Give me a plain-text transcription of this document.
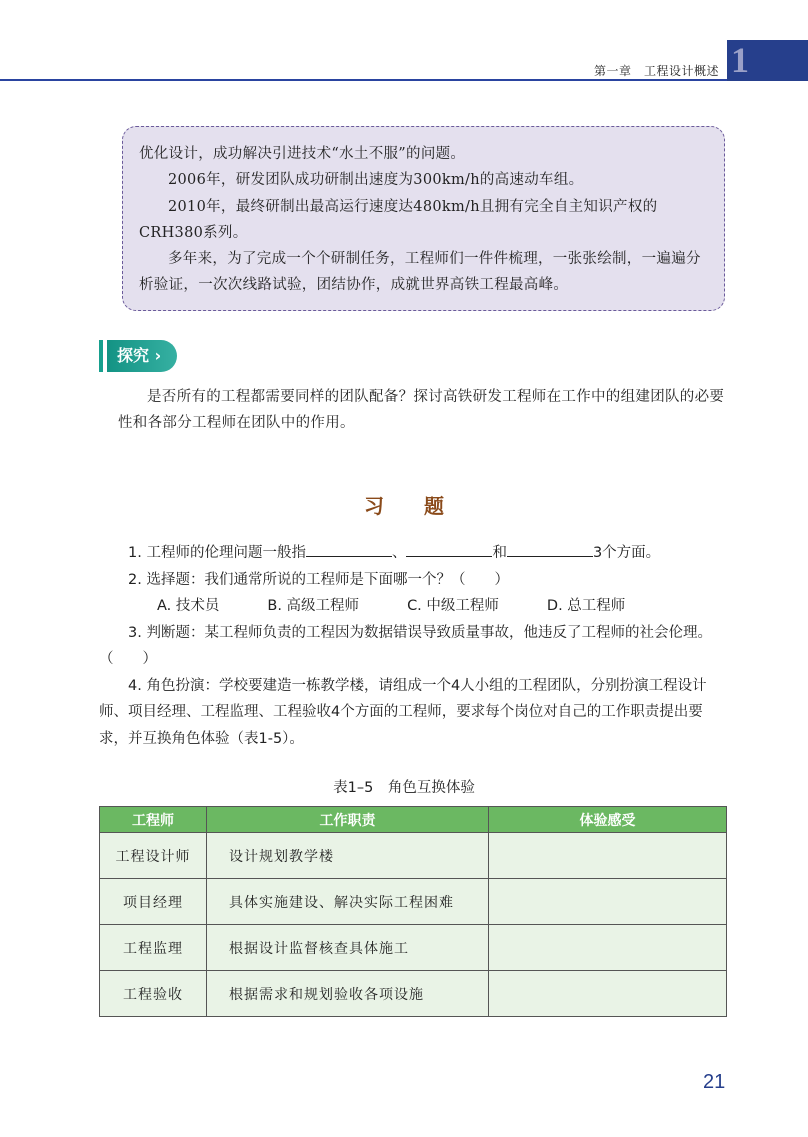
第一章　工程设计概述 1

优化设计，成功解决引进技术“水土不服”的问题。

2006年，研发团队成功研制出速度为300km/h的高速动车组。

2010年，最终研制出最高运行速度达480km/h且拥有完全自主知识产权的CRH380系列。

多年来，为了完成一个个研制任务，工程师们一件件梳理，一张张绘制，一遍遍分析验证，一次次线路试验，团结协作，成就世界高铁工程最高峰。

探究 ›
是否所有的工程都需要同样的团队配备？探讨高铁研发工程师在工作中的组建团队的必要性和各部分工程师在团队中的作用。
习题

1. 工程师的伦理问题一般指	、	和	3个方面。

2. 选择题：我们通常所说的工程师是下面哪一个？（　　）

A. 技术员	B. 高级工程师	C. 中级工程师	D. 总工程师

3. 判断题：某工程师负责的工程因为数据错误导致质量事故，他违反了工程师的社会伦理。（　　）

4. 角色扮演：学校要建造一栋教学楼，请组成一个4人小组的工程团队，分别扮演工程设计师、项目经理、工程监理、工程验收4个方面的工程师，要求每个岗位对自己的工作职责提出要求，并互换角色体验（表1-5）。

表1–5　角色互换体验
工程师	工作职责	体验感受
工程设计师	设计规划教学楼	
项目经理	具体实施建设、解决实际工程困难	
工程监理	根据设计监督核查具体施工	
工程验收	根据需求和规划验收各项设施	
21
